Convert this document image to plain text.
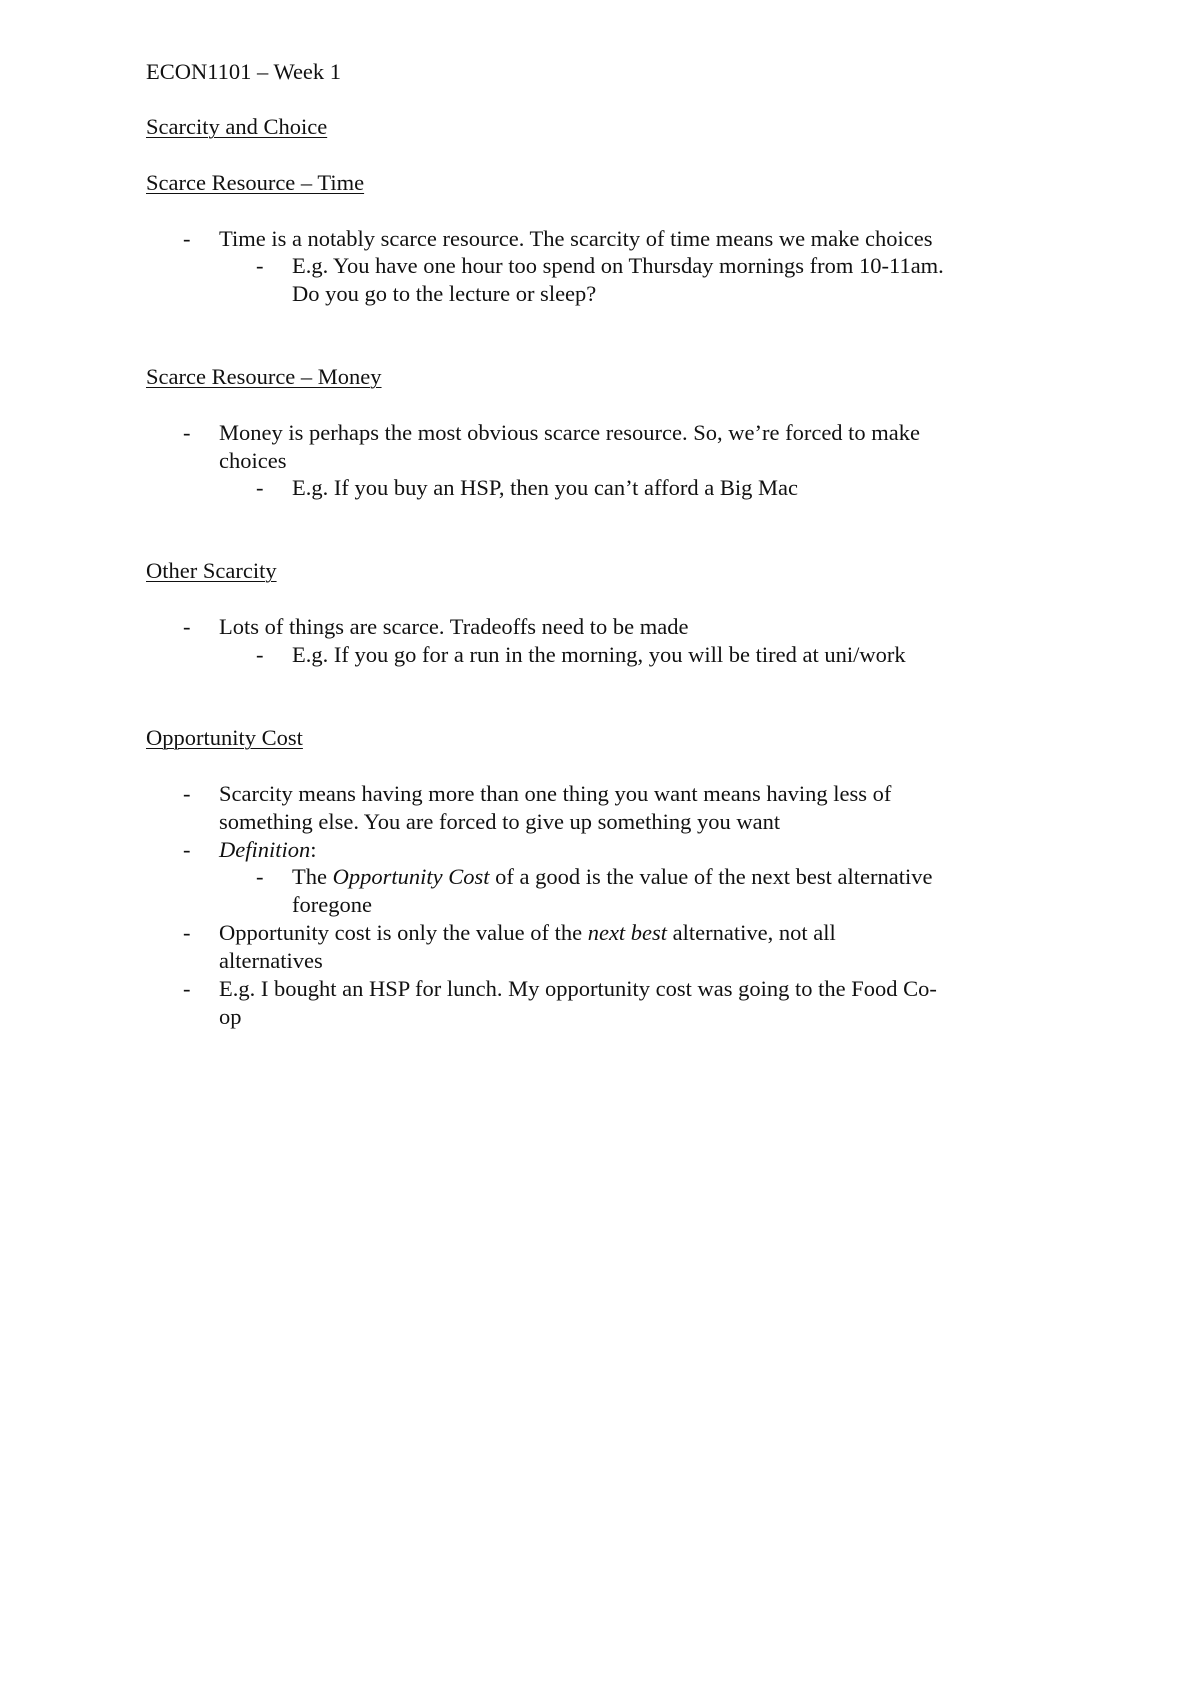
ECON1101 – Week 1
Scarcity and Choice
Scarce Resource – Time
- Time is a notably scarce resource. The scarcity of time means we make choices
- E.g. You have one hour too spend on Thursday mornings from 10-11am.
Do you go to the lecture or sleep?
Scarce Resource – Money
- Money is perhaps the most obvious scarce resource. So, we’re forced to make
choices
- E.g. If you buy an HSP, then you can’t afford a Big Mac
Other Scarcity
- Lots of things are scarce. Tradeoffs need to be made
- E.g. If you go for a run in the morning, you will be tired at uni/work
Opportunity Cost
- Scarcity means having more than one thing you want means having less of
something else. You are forced to give up something you want
- Definition:
- The Opportunity Cost of a good is the value of the next best alternative
foregone
- Opportunity cost is only the value of the next best alternative, not all
alternatives
- E.g. I bought an HSP for lunch. My opportunity cost was going to the Food Co-
op
